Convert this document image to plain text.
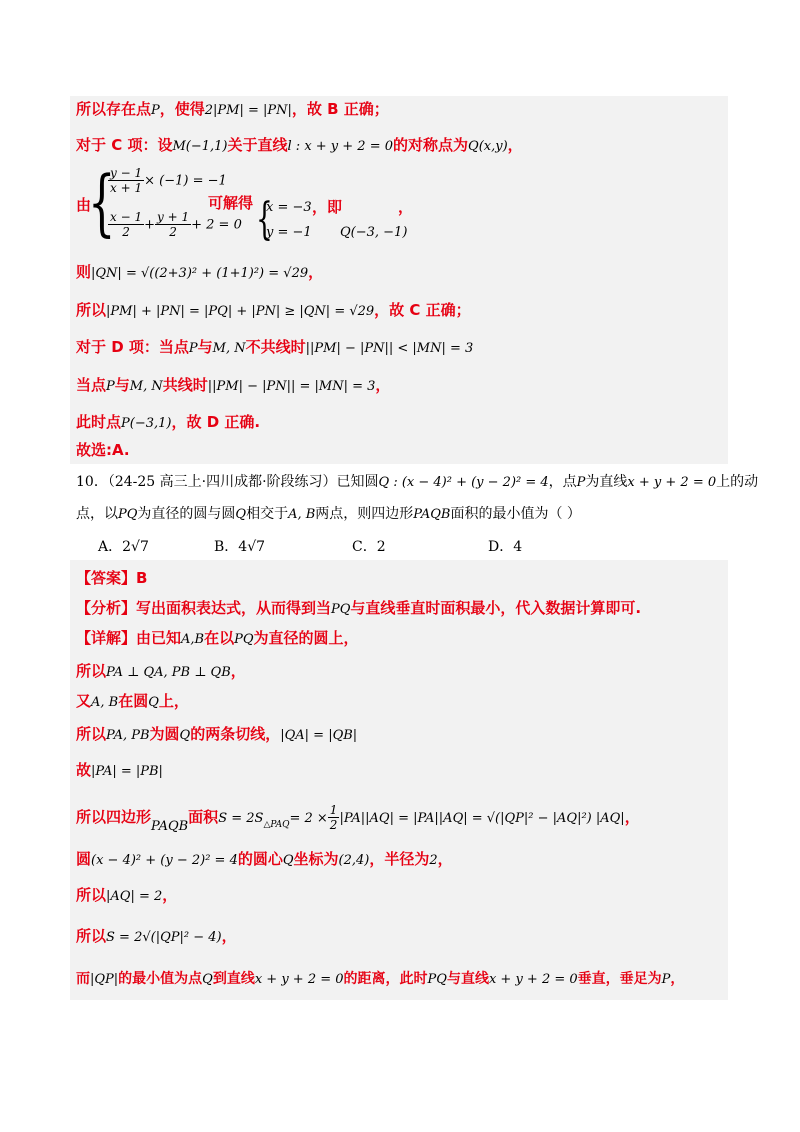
所以存在点P，使得2|PM| = |PN|，故 B 正确；
对于 C 项：设M(−1,1)关于直线l : x + y + 2 = 0的对称点为Q(x,y)，
由
{
$\frac{y - 1}{x + 1} \times (-1) = -1$
$\frac{x - 1}{2} + \frac{y + 1}{2} + 2 = 0$
可解得 {
x = −3
y = −1
，即
Q(−3, −1)
，
则|QN| = √((2+3)² + (1+1)²) = √29，
所以|PM| + |PN| = |PQ| + |PN| ≥ |QN| = √29，故 C 正确；
对于 D 项：当点P与M, N不共线时||PM| − |PN|| < |MN| = 3
当点P与M, N共线时||PM| − |PN|| = |MN| = 3，
此时点P(−3,1)，故 D 正确.
故选:A.
10．（24-25 高三上·四川成都·阶段练习）已知圆Q : (x − 4)² + (y − 2)² = 4，点P为直线x + y + 2 = 0上的动
点，以PQ为直径的圆与圆Q相交于A, B两点，则四边形PAQB面积的最小值为（ ）
A．2√7	B．4√7	C．2	D．4
【答案】B
【分析】写出面积表达式，从而得到当PQ与直线垂直时面积最小，代入数据计算即可.
【详解】由已知A,B在以PQ为直径的圆上，
所以PA ⊥ QA, PB ⊥ QB，
又A, B在圆Q上，
所以PA, PB为圆Q的两条切线，|QA| = |QB|
故|PA| = |PB|
所以四边形PAQB面积$S = 2S_{\triangle PAQ}= 2 \times \frac{1}{2} |PA||AQ| = |PA||AQ| = √(|QP|^2 - |AQ|^2)$ |AQ|，
圆(x − 4)² + (y − 2)² = 4的圆心Q坐标为(2,4)，半径为2，
所以|AQ| = 2，
所以S = 2√(|QP|² − 4)，
而|QP|的最小值为点Q到直线x + y + 2 = 0的距离，此时PQ与直线x + y + 2 = 0垂直，垂足为P，
